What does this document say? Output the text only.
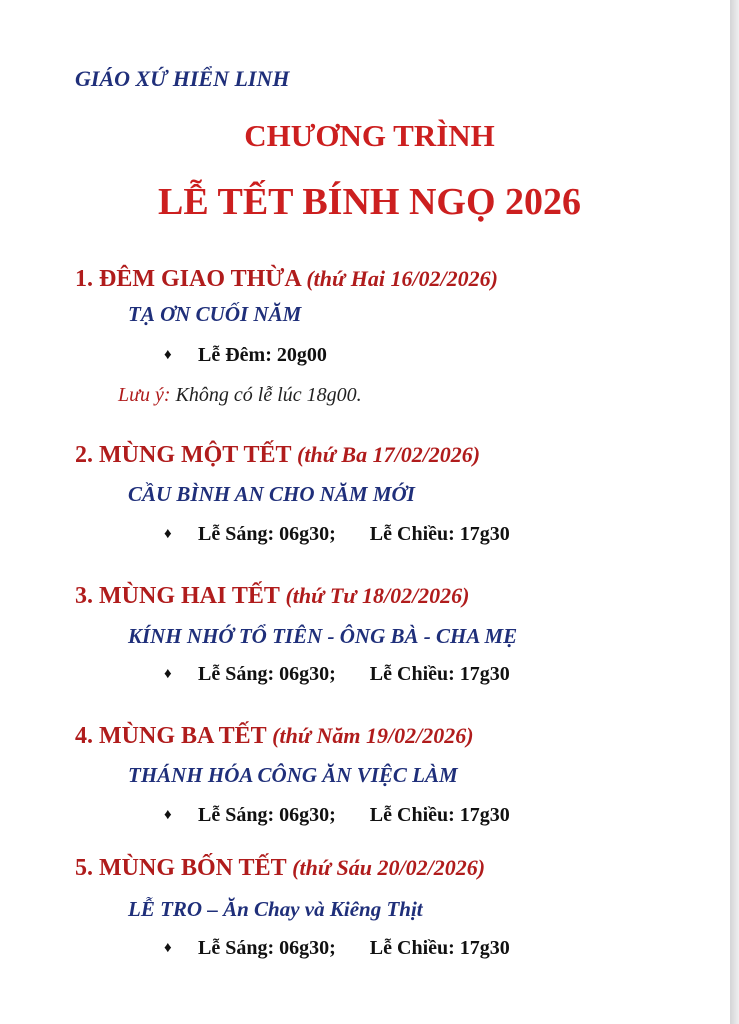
GIÁO XỨ HIỂN LINH
CHƯƠNG TRÌNH
LỄ TẾT BÍNH NGỌ 2026
1. ĐÊM GIAO THỪA (thứ Hai 16/02/2026)
TẠ ƠN CUỐI NĂM
♦ Lễ Đêm: 20g00
Lưu ý: Không có lễ lúc 18g00.
2. MÙNG MỘT TẾT (thứ Ba 17/02/2026)
CẦU BÌNH AN CHO NĂM MỚI
♦ Lễ Sáng: 06g30; Lễ Chiều: 17g30
3. MÙNG HAI TẾT (thứ Tư 18/02/2026)
KÍNH NHỚ TỔ TIÊN - ÔNG BÀ - CHA MẸ
♦ Lễ Sáng: 06g30; Lễ Chiều: 17g30
4. MÙNG BA TẾT (thứ Năm 19/02/2026)
THÁNH HÓA CÔNG ĂN VIỆC LÀM
♦ Lễ Sáng: 06g30; Lễ Chiều: 17g30
5. MÙNG BỐN TẾT (thứ Sáu 20/02/2026)
LỄ TRO – Ăn Chay và Kiêng Thịt
♦ Lễ Sáng: 06g30; Lễ Chiều: 17g30
